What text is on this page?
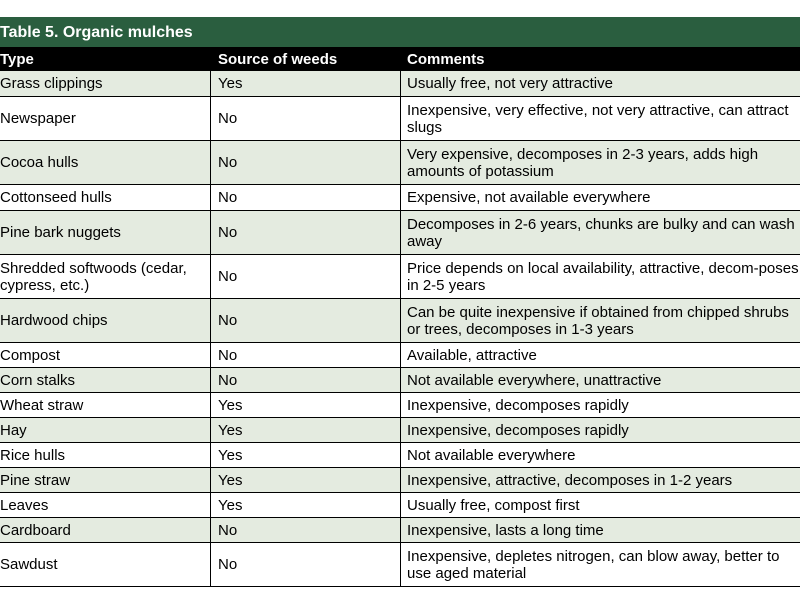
Table 5. Organic mulches
Type	Source of weeds	Comments
Grass clippings	Yes	Usually free, not very attractive
Newspaper	No	Inexpensive, very effective, not very attractive, can attract slugs
Cocoa hulls	No	Very expensive, decomposes in 2-3 years, adds high amounts of potassium
Cottonseed hulls	No	Expensive, not available everywhere
Pine bark nuggets	No	Decomposes in 2-6 years, chunks are bulky and can wash away
Shredded softwoods (cedar, cypress, etc.)	No	Price depends on local availability, attractive, decom-poses in 2-5 years
Hardwood chips	No	Can be quite inexpensive if obtained from chipped shrubs or trees, decomposes in 1-3 years
Compost	No	Available, attractive
Corn stalks	No	Not available everywhere, unattractive
Wheat straw	Yes	Inexpensive, decomposes rapidly
Hay	Yes	Inexpensive, decomposes rapidly
Rice hulls	Yes	Not available everywhere
Pine straw	Yes	Inexpensive, attractive, decomposes in 1-2 years
Leaves	Yes	Usually free, compost first
Cardboard	No	Inexpensive, lasts a long time
Sawdust	No	Inexpensive, depletes nitrogen, can blow away, better to use aged material
